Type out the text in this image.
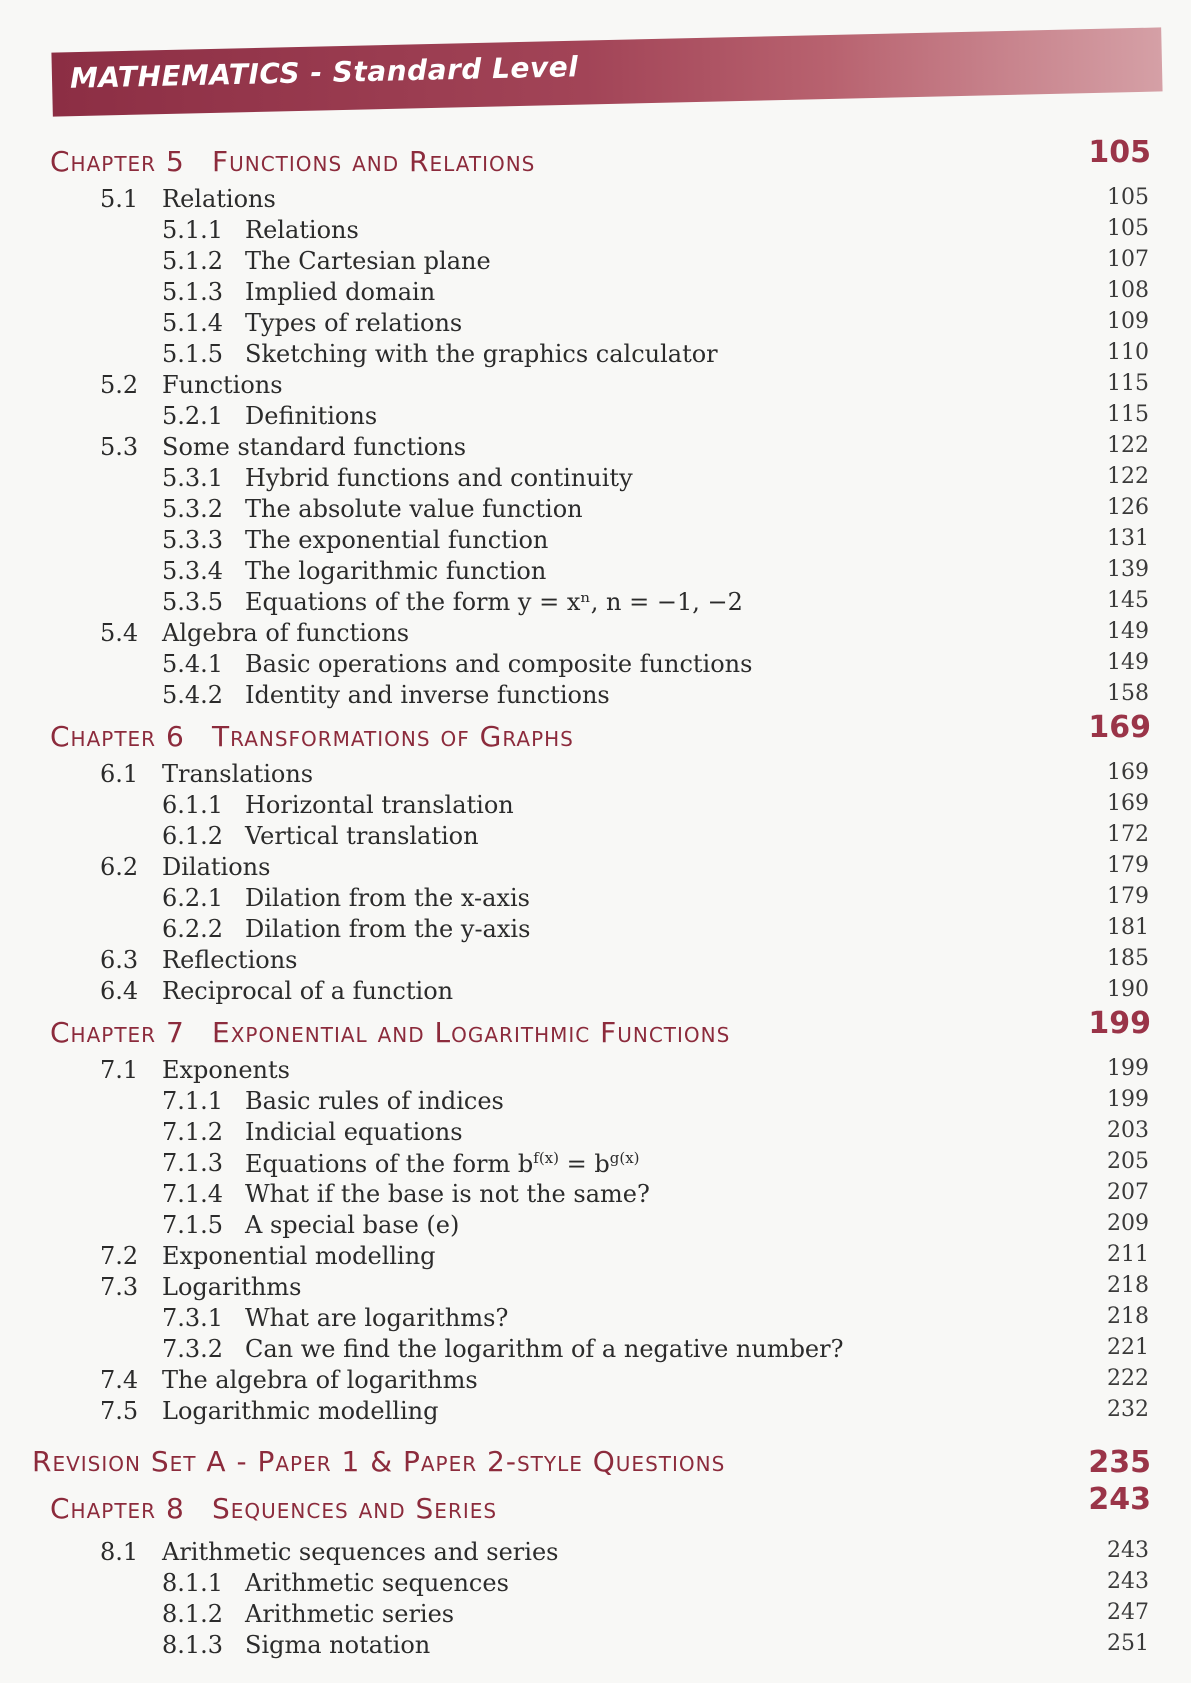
MATHEMATICS - Standard Level
Chapter 5 Functions and Relations	105
5.1 Relations	105
5.1.1 Relations	105
5.1.2 The Cartesian plane	107
5.1.3 Implied domain	108
5.1.4 Types of relations	109
5.1.5 Sketching with the graphics calculator	110
5.2 Functions	115
5.2.1 Definitions	115
5.3 Some standard functions	122
5.3.1 Hybrid functions and continuity	122
5.3.2 The absolute value function	126
5.3.3 The exponential function	131
5.3.4 The logarithmic function	139
5.3.5 Equations of the form y = xⁿ, n = −1, −2	145
5.4 Algebra of functions	149
5.4.1 Basic operations and composite functions	149
5.4.2 Identity and inverse functions	158
Chapter 6 Transformations of Graphs	169
6.1 Translations	169
6.1.1 Horizontal translation	169
6.1.2 Vertical translation	172
6.2 Dilations	179
6.2.1 Dilation from the x-axis	179
6.2.2 Dilation from the y-axis	181
6.3 Reflections	185
6.4 Reciprocal of a function	190
Chapter 7 Exponential and Logarithmic Functions	199
7.1 Exponents	199
7.1.1 Basic rules of indices	199
7.1.2 Indicial equations	203
7.1.3 Equations of the form $b^{f(x)} = b^{g(x)}$	205
7.1.4 What if the base is not the same?	207
7.1.5 A special base (e)	209
7.2 Exponential modelling	211
7.3 Logarithms	218
7.3.1 What are logarithms?	218
7.3.2 Can we find the logarithm of a negative number?	221
7.4 The algebra of logarithms	222
7.5 Logarithmic modelling	232
Revision Set A - Paper 1 & Paper 2-style Questions	235
Chapter 8 Sequences and Series	243
8.1 Arithmetic sequences and series	243
8.1.1 Arithmetic sequences	243
8.1.2 Arithmetic series	247
8.1.3 Sigma notation	251
